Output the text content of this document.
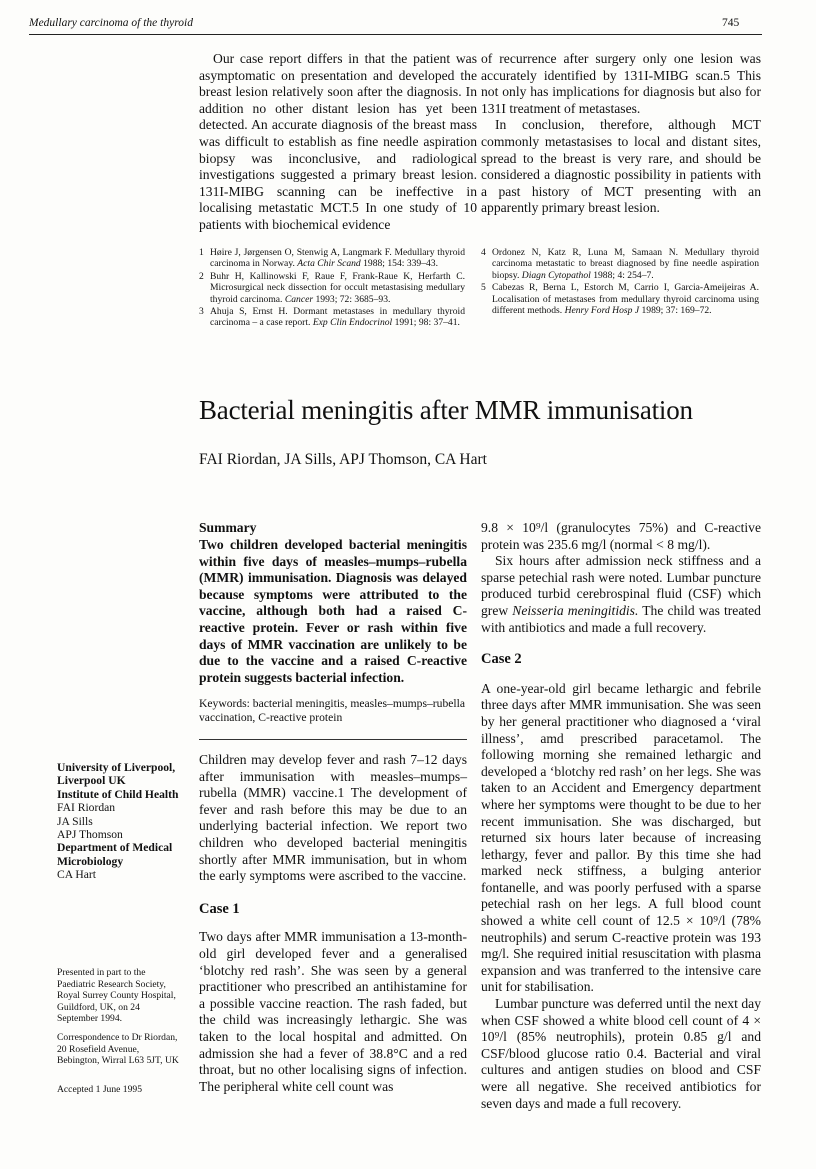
Medullary carcinoma of the thyroid	745

Our case report differs in that the patient was asymptomatic on presentation and developed the breast lesion relatively soon after the diagnosis. In addition no other distant lesion has yet been detected. An accurate diagnosis of the breast mass was difficult to establish as fine needle aspiration biopsy was inconclusive, and radiological investigations suggested a primary breast lesion. 131I-MIBG scanning can be ineffective in localising metastatic MCT.5 In one study of 10 patients with biochemical evidence

of recurrence after surgery only one lesion was accurately identified by 131I-MIBG scan.5 This not only has implications for diagnosis but also for 131I treatment of metastases.

In conclusion, therefore, although MCT commonly metastasises to local and distant sites, spread to the breast is very rare, and should be considered a diagnostic possibility in patients with a past history of MCT presenting with an apparently primary breast lesion.

1 Høire J, Jørgensen O, Stenwig A, Langmark F. Medullary thyroid carcinoma in Norway. Acta Chir Scand 1988; 154: 339–43.
2 Buhr H, Kallinowski F, Raue F, Frank-Raue K, Herfarth C. Microsurgical neck dissection for occult metastasising medullary thyroid carcinoma. Cancer 1993; 72: 3685–93.
3 Ahuja S, Ernst H. Dormant metastases in medullary thyroid carcinoma – a case report. Exp Clin Endocrinol 1991; 98: 37–41.
4 Ordonez N, Katz R, Luna M, Samaan N. Medullary thyroid carcinoma metastatic to breast diagnosed by fine needle aspiration biopsy. Diagn Cytopathol 1988; 4: 254–7.
5 Cabezas R, Berna L, Estorch M, Carrio I, Garcia-Ameijeiras A. Localisation of metastases from medullary thyroid carcinoma using different methods. Henry Ford Hosp J 1989; 37: 169–72.
Bacterial meningitis after MMR immunisation
FAI Riordan, JA Sills, APJ Thomson, CA Hart
Summary
Two children developed bacterial meningitis within five days of measles–mumps–rubella (MMR) immunisation. Diagnosis was delayed because symptoms were attributed to the vaccine, although both had a raised C-reactive protein. Fever or rash within five days of MMR vaccination are unlikely to be due to the vaccine and a raised C-reactive protein suggests bacterial infection.
Keywords: bacterial meningitis, measles–mumps–rubella vaccination, C-reactive protein

Children may develop fever and rash 7–12 days after immunisation with measles–mumps–rubella (MMR) vaccine.1 The development of fever and rash before this may be due to an underlying bacterial infection. We report two children who developed bacterial meningitis shortly after MMR immunisation, but in whom the early symptoms were ascribed to the vaccine.

Case 1

Two days after MMR immunisation a 13-month-old girl developed fever and a generalised ‘blotchy red rash’. She was seen by a general practitioner who prescribed an antihistamine for a possible vaccine reaction. The rash faded, but the child was increasingly lethargic. She was taken to the local hospital and admitted. On admission she had a fever of 38.8°C and a red throat, but no other localising signs of infection. The peripheral white cell count was

9.8 × 10⁹/l (granulocytes 75%) and C-reactive protein was 235.6 mg/l (normal < 8 mg/l).

Six hours after admission neck stiffness and a sparse petechial rash were noted. Lumbar puncture produced turbid cerebrospinal fluid (CSF) which grew Neisseria meningitidis. The child was treated with antibiotics and made a full recovery.

Case 2

A one-year-old girl became lethargic and febrile three days after MMR immunisation. She was seen by her general practitioner who diagnosed a ‘viral illness’, amd prescribed paracetamol. The following morning she remained lethargic and developed a ‘blotchy red rash’ on her legs. She was taken to an Accident and Emergency department where her symptoms were thought to be due to her recent immunisation. She was discharged, but returned six hours later because of increasing lethargy, fever and pallor. By this time she had marked neck stiffness, a bulging anterior fontanelle, and was poorly perfused with a sparse petechial rash on her legs. A full blood count showed a white cell count of 12.5 × 10⁹/l (78% neutrophils) and serum C-reactive protein was 193 mg/l. She required initial resuscitation with plasma expansion and was tranferred to the intensive care unit for stabilisation.

Lumbar puncture was deferred until the next day when CSF showed a white blood cell count of 4 × 10⁹/l (85% neutrophils), protein 0.85 g/l and CSF/blood glucose ratio 0.4. Bacterial and viral cultures and antigen studies on blood and CSF were all negative. She received antibiotics for seven days and made a full recovery.

University of Liverpool, Liverpool UK
Institute of Child Health
FAI Riordan
JA Sills
APJ Thomson
Department of Medical Microbiology
CA Hart

Presented in part to the Paediatric Research Society, Royal Surrey County Hospital, Guildford, UK, on 24 September 1994.
Correspondence to Dr Riordan, 20 Rosefield Avenue, Bebington, Wirral L63 5JT, UK
Accepted 1 June 1995
